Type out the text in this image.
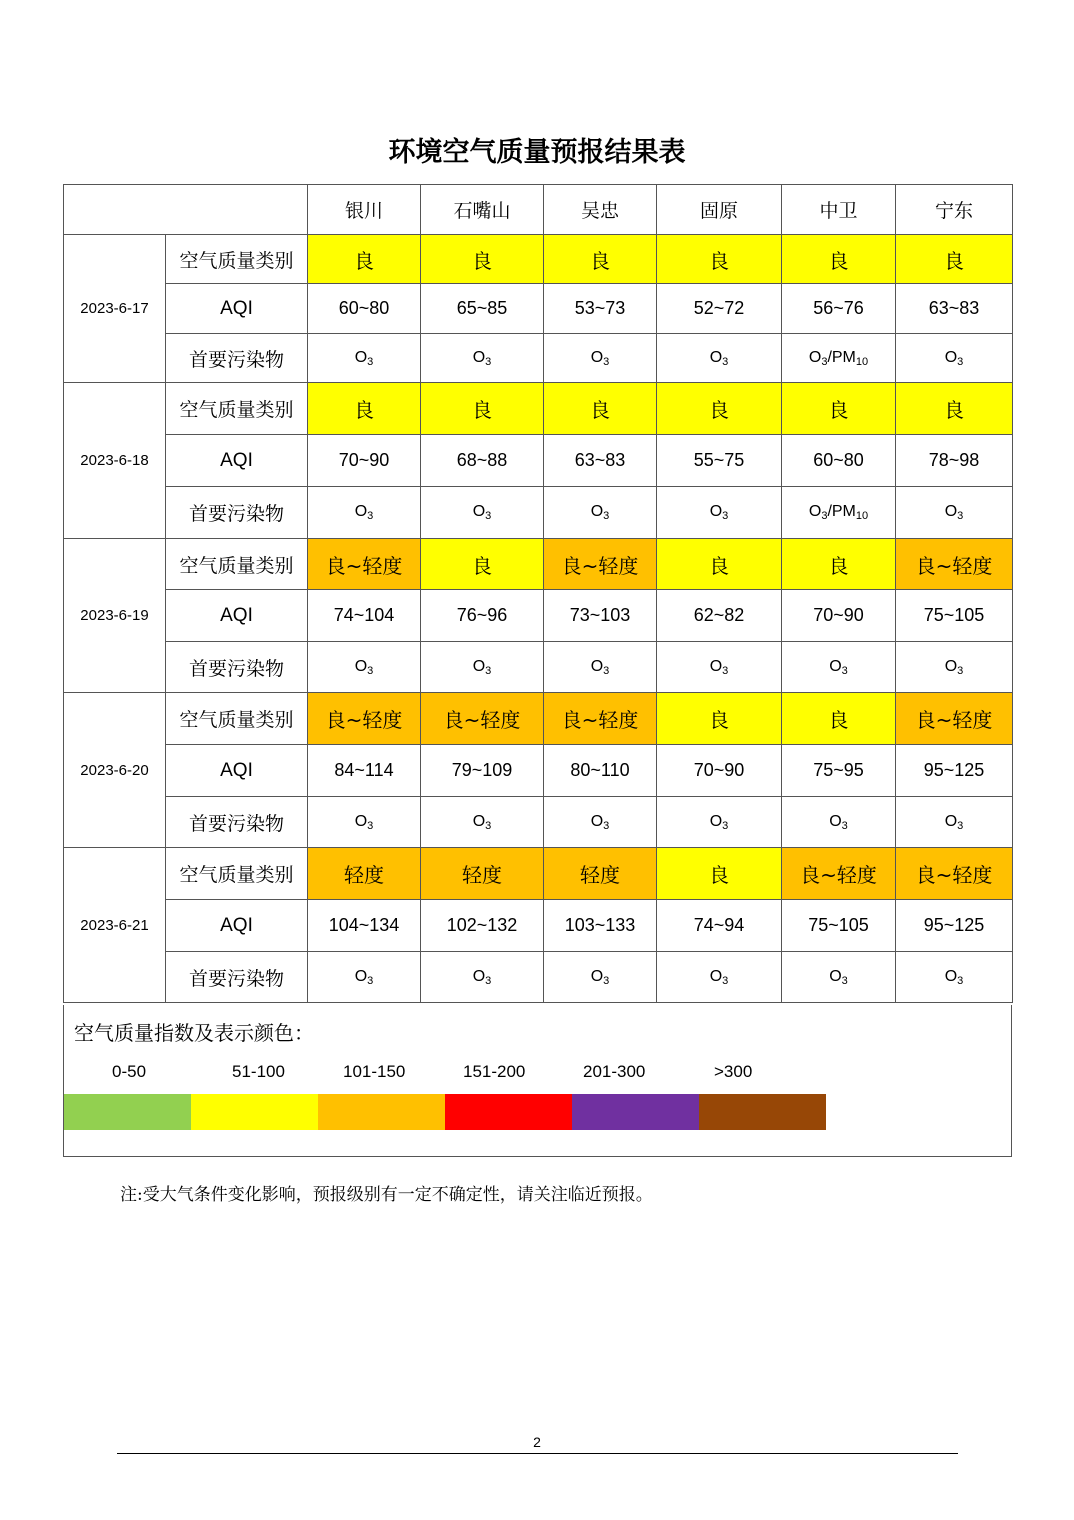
环境空气质量预报结果表
		银川	石嘴山	吴忠	固原	中卫	宁东
2023-6-17	空气质量类别	良	良	良	良	良	良
	AQI	60~80	65~85	53~73	52~72	56~76	63~83
	首要污染物	$O_3$	$O_3$	$O_3$	$O_3$	$O_3/PM_{10}$	$O_3$
2023-6-18	空气质量类别	良	良	良	良	良	良
	AQI	70~90	68~88	63~83	55~75	60~80	78~98
	首要污染物	$O_3$	$O_3$	$O_3$	$O_3$	$O_3/PM_{10}$	$O_3$
2023-6-19	空气质量类别	良~轻度	良	良~轻度	良	良	良~轻度
	AQI	74~104	76~96	73~103	62~82	70~90	75~105
	首要污染物	$O_3$	$O_3$	$O_3$	$O_3$	$O_3$	$O_3$
2023-6-20	空气质量类别	良~轻度	良~轻度	良~轻度	良	良	良~轻度
	AQI	84~114	79~109	80~110	70~90	75~95	95~125
	首要污染物	$O_3$	$O_3$	$O_3$	$O_3$	$O_3$	$O_3$
2023-6-21	空气质量类别	轻度	轻度	轻度	良	良~轻度	良~轻度
	AQI	104~134	102~132	103~133	74~94	75~105	95~125
	首要污染物	$O_3$	$O_3$	$O_3$	$O_3$	$O_3$	$O_3$
空气质量指数及表示颜色：
0-50	51-100	101-150	151-200	201-300	>300
注:受大气条件变化影响，预报级别有一定不确定性，请关注临近预报。
2
